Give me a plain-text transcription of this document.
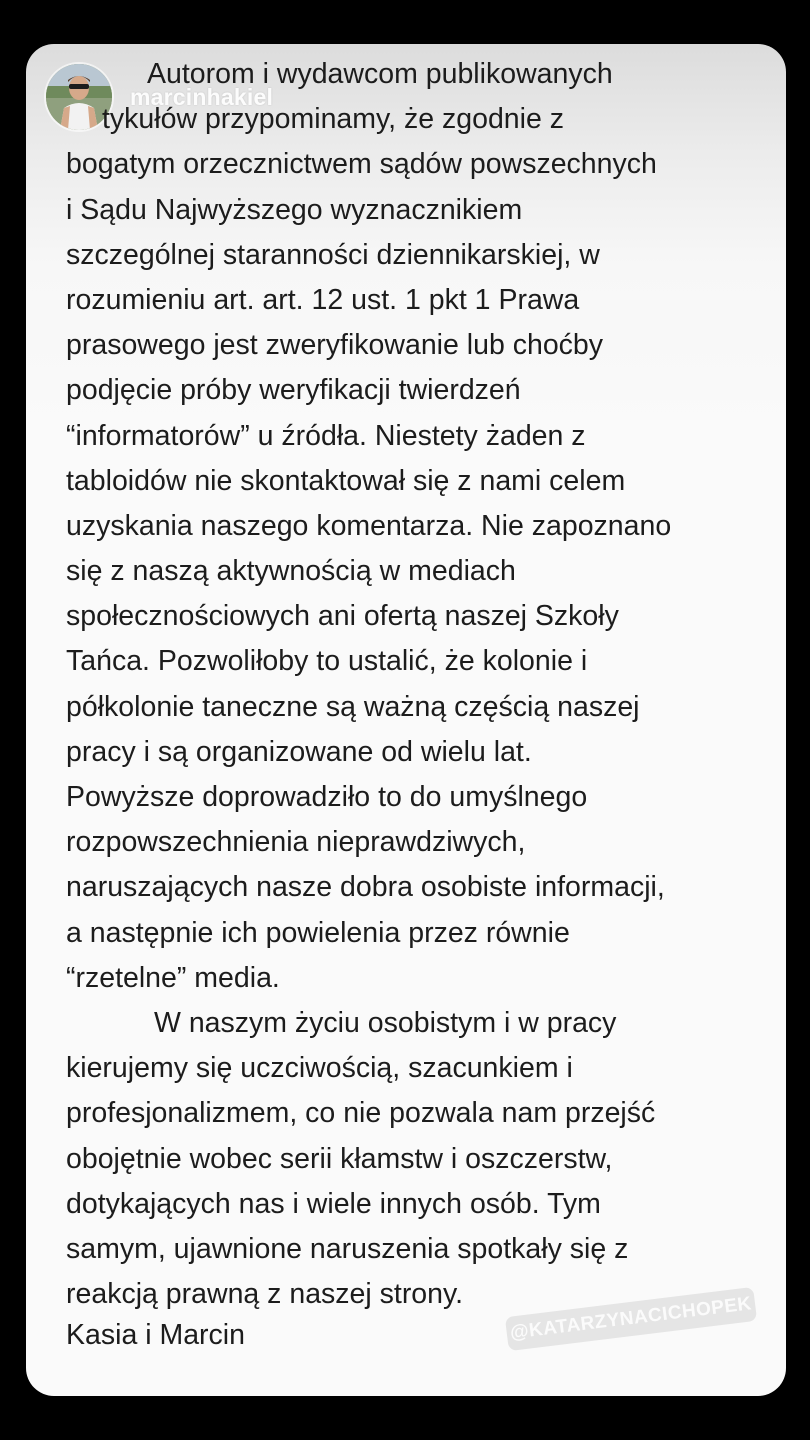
marcinhakiel
Autorom i wydawcom publikowanych
tykułów przypominamy, że zgodnie z
bogatym orzecznictwem sądów powszechnych
i Sądu Najwyższego wyznacznikiem
szczególnej staranności dziennikarskiej, w
rozumieniu art. art. 12 ust. 1 pkt 1 Prawa
prasowego jest zweryfikowanie lub choćby
podjęcie próby weryfikacji twierdzeń
“informatorów” u źródła. Niestety żaden z
tabloidów nie skontaktował się z nami celem
uzyskania naszego komentarza. Nie zapoznano
się z naszą aktywnością w mediach
społecznościowych ani ofertą naszej Szkoły
Tańca. Pozwoliłoby to ustalić, że kolonie i
półkolonie taneczne są ważną częścią naszej
pracy i są organizowane od wielu lat.
Powyższe doprowadziło to do umyślnego
rozpowszechnienia nieprawdziwych,
naruszających nasze dobra osobiste informacji,
a następnie ich powielenia przez równie
“rzetelne” media.
W naszym życiu osobistym i w pracy
kierujemy się uczciwością, szacunkiem i
profesjonalizmem, co nie pozwala nam przejść
obojętnie wobec serii kłamstw i oszczerstw,
dotykających nas i wiele innych osób. Tym
samym, ujawnione naruszenia spotkały się z
reakcją prawną z naszej strony.	@KATARZYNACICHOPEK
Kasia i Marcin
